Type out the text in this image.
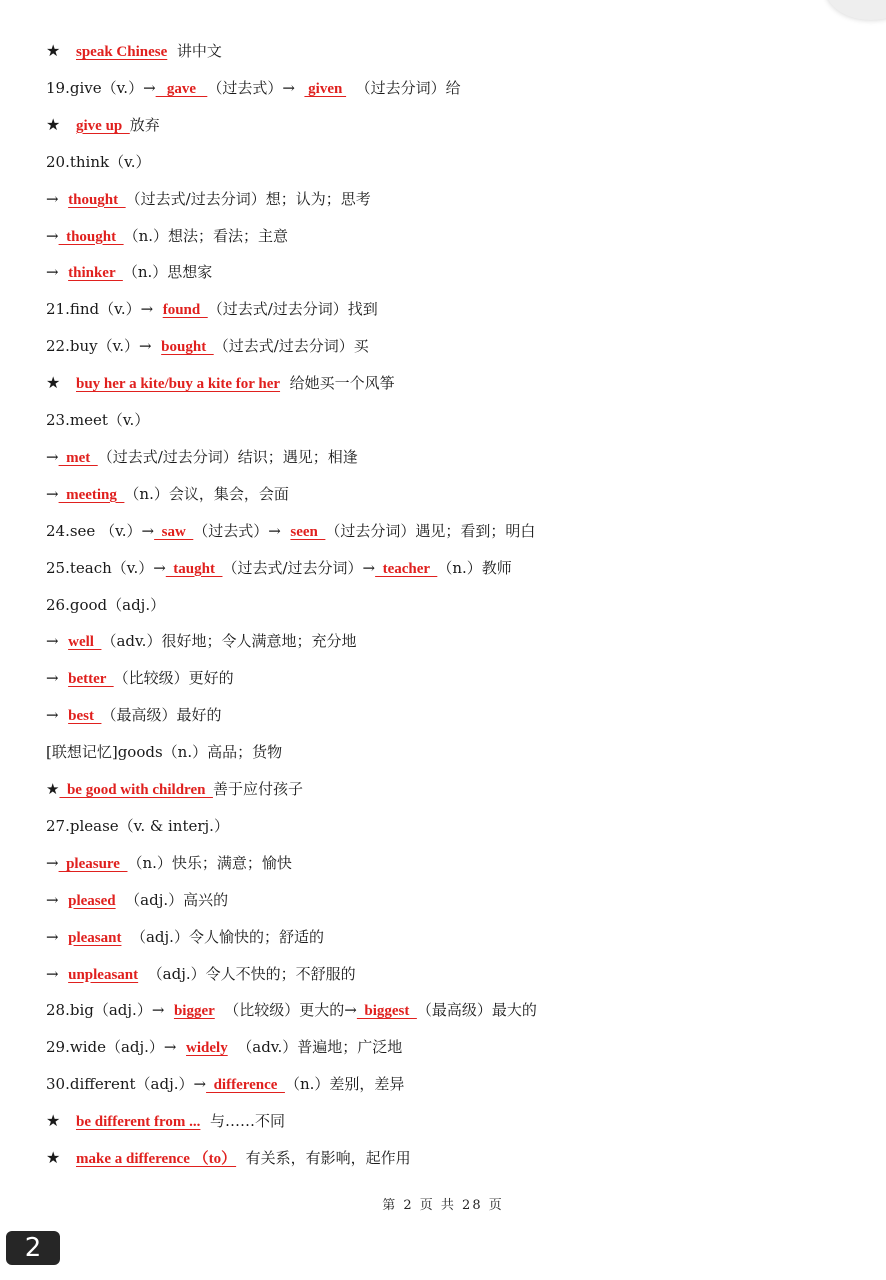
★ speak Chinese  讲中文
19.give（v.）→   gave   （过去式）→   given   （过去分词）给
★ give up  放弃
20.think（v.）
→  thought  （过去式/过去分词）想；认为；思考
→  thought  （n.）想法；看法；主意
→  thinker  （n.）思想家
21.find（v.）→  found  （过去式/过去分词）找到
22.buy（v.）→  bought  （过去式/过去分词）买
★ buy her a kite/buy a kite for her  给她买一个风筝
23.meet（v.）
→  met  （过去式/过去分词）结识；遇见；相逢
→  meeting  （n.）会议，集会，会面
24.see （v.）→  saw  （过去式）→  seen  （过去分词）遇见；看到；明白
25.teach（v.）→  taught  （过去式/过去分词）→  teacher  （n.）教师
26.good（adj.）
→  well  （adv.）很好地；令人满意地；充分地
→  better  （比较级）更好的
→  best  （最高级）最好的
[联想记忆]goods（n.）高品；货物
★  be good with children  善于应付孩子
27.please（v. & interj.）
→  pleasure  （n.）快乐；满意；愉快
→  pleased  （adj.）高兴的
→  pleasant  （adj.）令人愉快的；舒适的
→  unpleasant  （adj.）令人不快的；不舒服的
28.big（adj.）→  bigger  （比较级）更大的→  biggest  （最高级）最大的
29.wide（adj.）→  widely  （adv.）普遍地；广泛地
30.different（adj.）→  difference  （n.）差别，差异
★ be different from ...  与……不同
★ make a difference （to）  有关系，有影响，起作用
第 2 页 共 28 页
2
